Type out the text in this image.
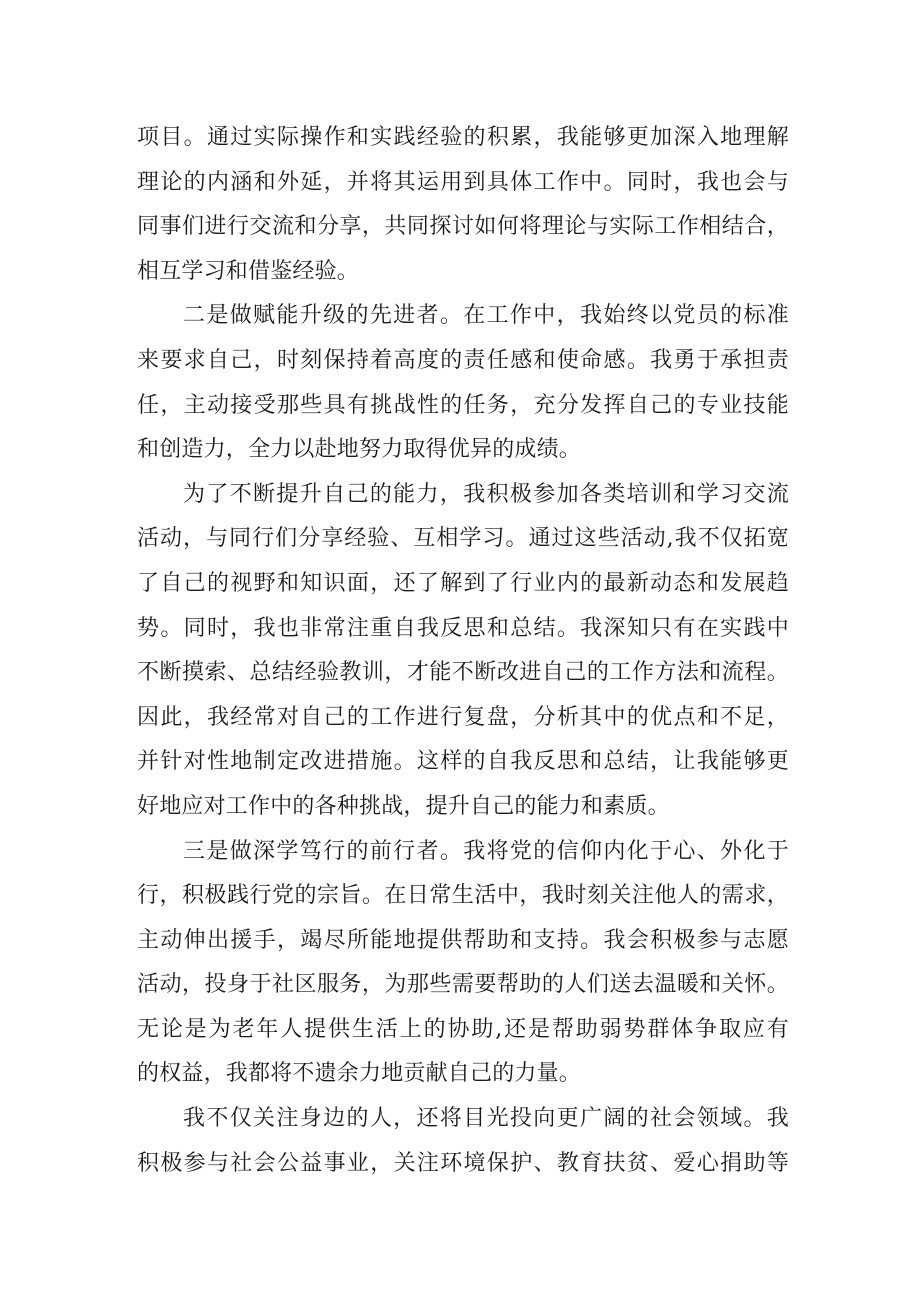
项目。通过实际操作和实践经验的积累，我能够更加深入地理解
理论的内涵和外延，并将其运用到具体工作中。同时，我也会与
同事们进行交流和分享，共同探讨如何将理论与实际工作相结合，
相互学习和借鉴经验。
二是做赋能升级的先进者。在工作中，我始终以党员的标准
来要求自己，时刻保持着高度的责任感和使命感。我勇于承担责
任，主动接受那些具有挑战性的任务，充分发挥自己的专业技能
和创造力，全力以赴地努力取得优异的成绩。
为了不断提升自己的能力，我积极参加各类培训和学习交流
活动，与同行们分享经验、互相学习。通过这些活动,我不仅拓宽
了自己的视野和知识面，还了解到了行业内的最新动态和发展趋
势。同时，我也非常注重自我反思和总结。我深知只有在实践中
不断摸索、总结经验教训，才能不断改进自己的工作方法和流程。
因此，我经常对自己的工作进行复盘，分析其中的优点和不足，
并针对性地制定改进措施。这样的自我反思和总结，让我能够更
好地应对工作中的各种挑战，提升自己的能力和素质。
三是做深学笃行的前行者。我将党的信仰内化于心、外化于
行，积极践行党的宗旨。在日常生活中，我时刻关注他人的需求，
主动伸出援手，竭尽所能地提供帮助和支持。我会积极参与志愿
活动，投身于社区服务，为那些需要帮助的人们送去温暖和关怀。
无论是为老年人提供生活上的协助,还是帮助弱势群体争取应有
的权益，我都将不遗余力地贡献自己的力量。
我不仅关注身边的人，还将目光投向更广阔的社会领域。我
积极参与社会公益事业，关注环境保护、教育扶贫、爱心捐助等
